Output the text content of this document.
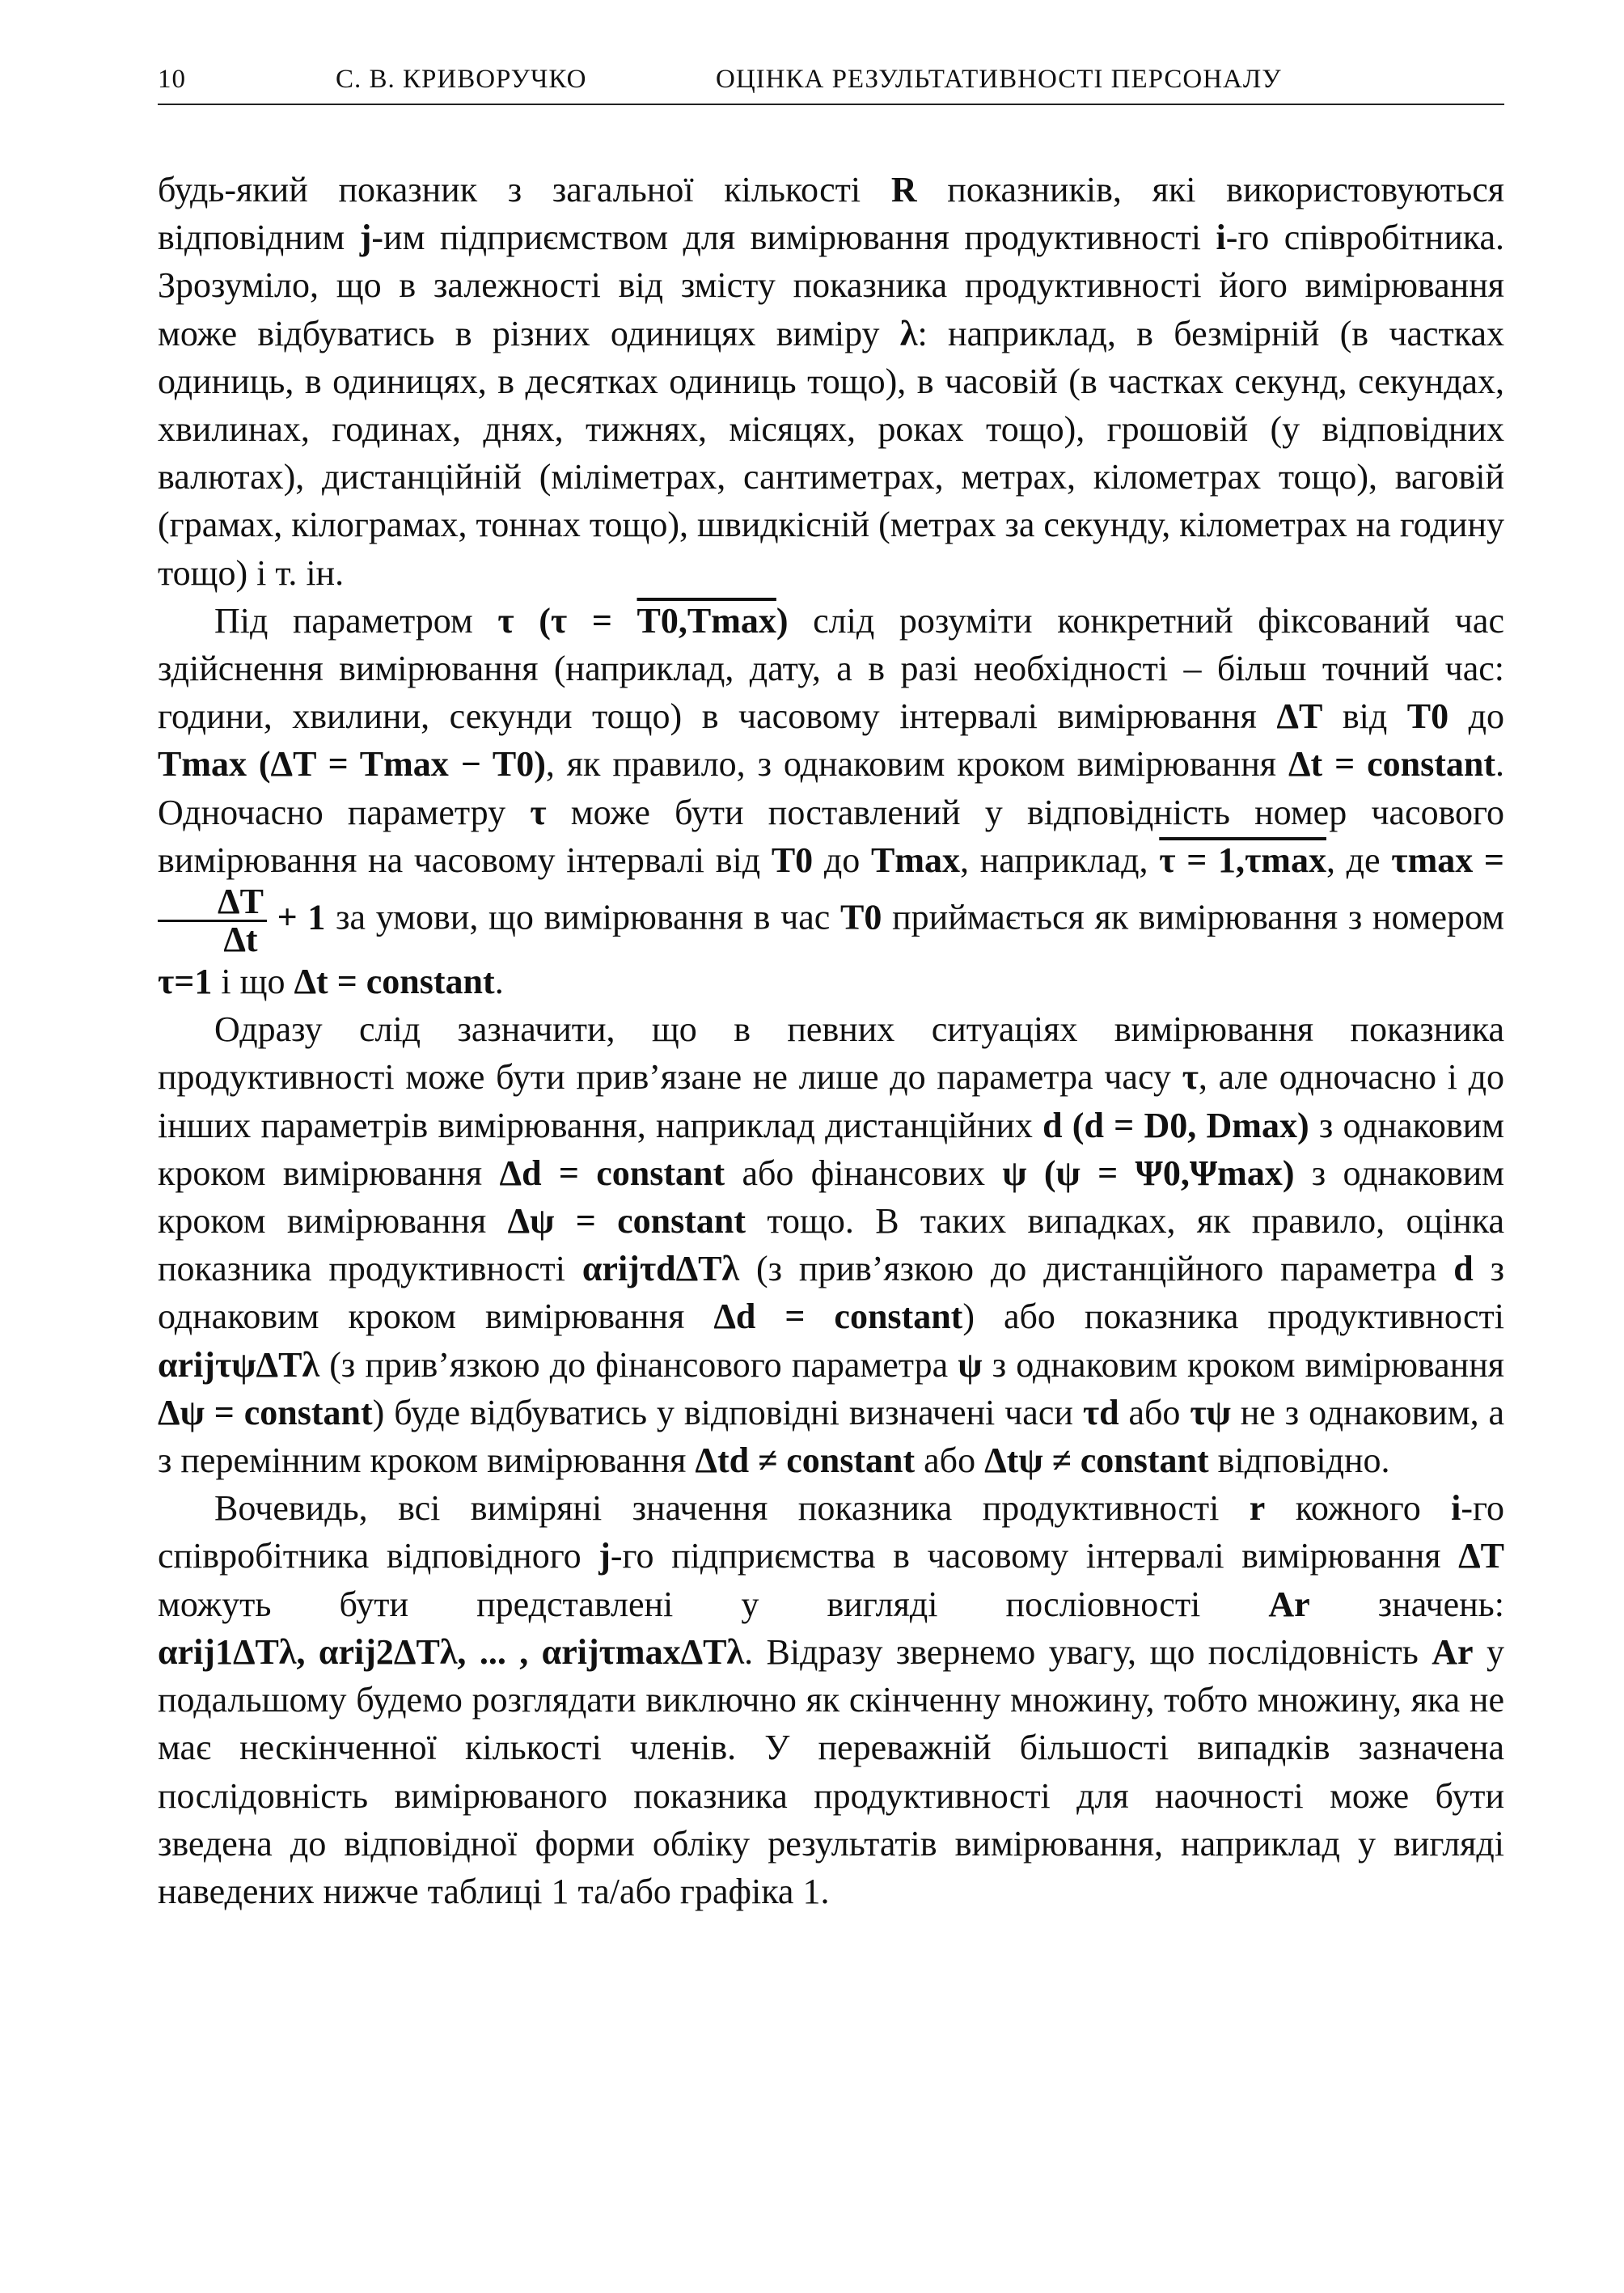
10	С. В. КРИВОРУЧКО	ОЦІНКА РЕЗУЛЬТАТИВНОСТІ ПЕРСОНАЛУ

будь-який показник з загальної кількості R показників, які використовуються відповідним j-им підприємством для вимірювання продуктивності i-го співробітника. Зрозуміло, що в залежності від змісту показника продуктивності його вимірювання може відбуватись в різних одиницях виміру λ: наприклад, в безмірній (в частках одиниць, в одиницях, в десятках одиниць тощо), в часовій (в частках секунд, секундах, хвилинах, годинах, днях, тижнях, місяцях, роках тощо), грошовій (у відповідних валютах), дистанційній (міліметрах, сантиметрах, метрах, кілометрах тощо), ваговій (грамах, кілограмах, тоннах тощо), швидкісній (метрах за секунду, кілометрах на годину тощо) і т. ін.

Під параметром τ (τ = T0,Tmax) слід розуміти конкретний фіксований час здійснення вимірювання (наприклад, дату, а в разі необхідності – більш точний час: години, хвилини, секунди тощо) в часовому інтервалі вимірювання ΔT від T0 до Tmax (ΔT = Tmax − T0), як правило, з однаковим кроком вимірювання Δt = constant. Одночасно параметру τ може бути поставлений у відповідність номер часового вимірювання на часовому інтервалі від T0 до Tmax, наприклад, τ = 1,τmax, де τmax =
$\frac{\Delta T}{\Delta t} + 1$ за умови, що вимірювання в час T0 приймається як вимірювання з номером τ=1 і що Δt = constant.

Одразу слід зазначити, що в певних ситуаціях вимірювання показника продуктивності може бути прив’язане не лише до параметра часу τ, але одночасно і до інших параметрів вимірювання, наприклад дистанційних d (d = D0, Dmax) з однаковим кроком вимірювання Δd = constant або фінансових ψ (ψ = Ψ0,Ψmax) з однаковим кроком вимірювання Δψ = constant тощо. В таких випадках, як правило, оцінка показника продуктивності αrijτdΔTλ (з прив’язкою до дистанційного параметра d з однаковим кроком вимірювання Δd = constant) або показника продуктивності αrijτψΔTλ (з прив’язкою до фінансового параметра ψ з однаковим кроком вимірювання Δψ = constant) буде відбуватись у відповідні визначені часи τd або τψ не з однаковим, а з перемінним кроком вимірювання Δtd ≠ constant або Δtψ ≠ constant відповідно.

Вочевидь, всі виміряні значення показника продуктивності r кожного i-го співробітника відповідного j-го підприємства в часовому інтервалі вимірювання ΔT можуть бути представлені у вигляді посліовності Ar значень: αrij1ΔTλ, αrij2ΔTλ, ... , αrijτmaxΔTλ. Відразу звернемо увагу, що послідовність Ar у подальшому будемо розглядати виключно як скінченну множину, тобто множину, яка не має нескінченної кількості членів. У переважній більшості випадків зазначена послідовність вимірюваного показника продуктивності для наочності може бути зведена до відповідної форми обліку результатів вимірювання, наприклад у вигляді наведених нижче таблиці 1 та/або графіка 1.
